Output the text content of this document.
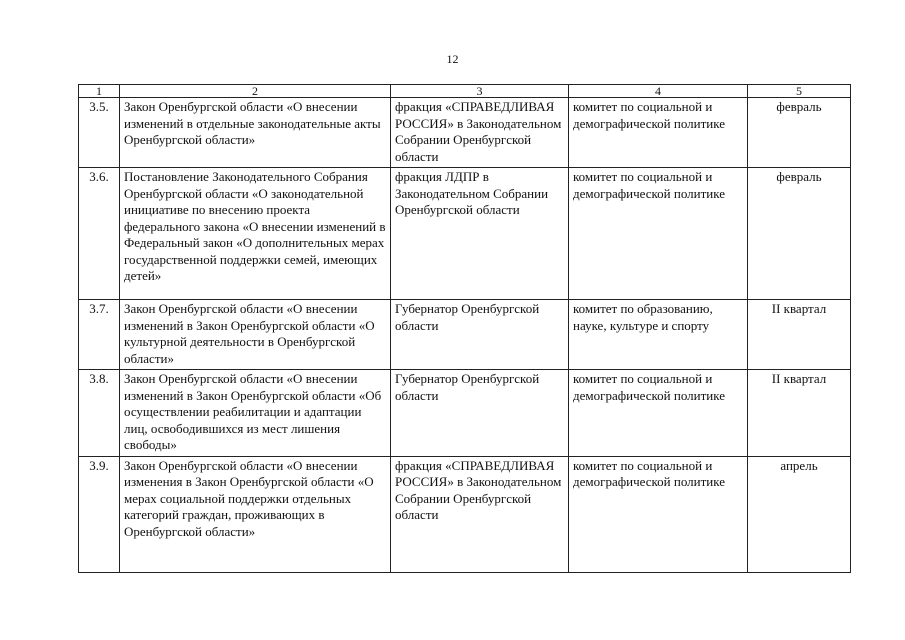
12
1	2	3	4	5
3.5.	Закон Оренбургской области «О внесении изменений в отдельные законодательные акты Оренбургской области»	фракция «СПРАВЕДЛИВАЯ РОССИЯ» в Законодательном Собрании Оренбургской области	комитет по социальной и демографической политике	февраль
3.6.	Постановление Законодательного Собрания Оренбургской области «О законодательной инициативе по внесению проекта федерального закона «О внесении изменений в Федеральный закон «О дополнительных мерах государственной поддержки семей, имеющих детей»	фракция ЛДПР в Законодательном Собрании Оренбургской области	комитет по социальной и демографической политике	февраль
3.7.	Закон Оренбургской области «О внесении изменений в Закон Оренбургской области «О культурной деятельности в Оренбургской области»	Губернатор Оренбургской области	комитет по образованию, науке, культуре и спорту	II квартал
3.8.	Закон Оренбургской области «О внесении изменений в Закон Оренбургской области «Об осуществлении реабилитации и адаптации лиц, освободившихся из мест лишения свободы»	Губернатор Оренбургской области	комитет по социальной и демографической политике	II квартал
3.9.	Закон Оренбургской области «О внесении изменения в Закон Оренбургской области «О мерах социальной поддержки отдельных категорий граждан, проживающих в Оренбургской области»	фракция «СПРАВЕДЛИВАЯ РОССИЯ» в Законодательном Собрании Оренбургской области	комитет по социальной и демографической политике	апрель
